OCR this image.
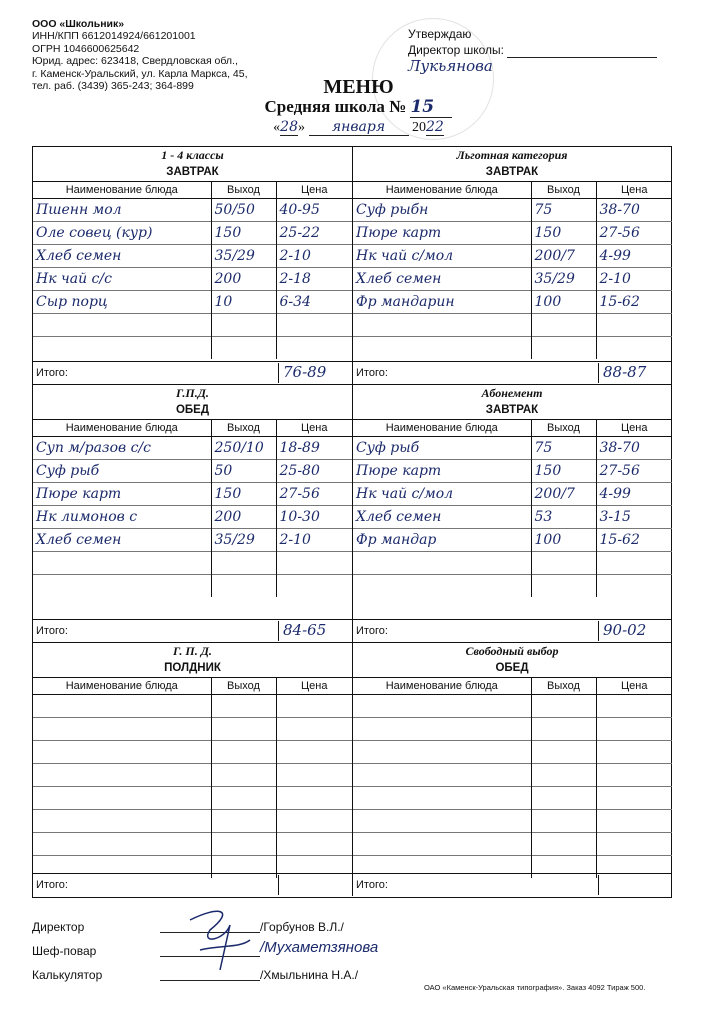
ООО «Школьник»
ИНН/КПП 6612014924/661201001
ОГРН 1046600625642
Юрид. адрес: 623418, Свердловская обл.,
г. Каменск-Уральский, ул. Карла Маркса, 45,
тел. раб. (3439) 365-243; 364-899
Утверждаю
Директор школы:  Лукьянова
МЕНЮ
Средняя школа № 15
«28» января 2022
1 - 4 классы
ЗАВТРАК
Наименование блюда	Выход	Цена
Пшенн мол	50/50	40-95
Оле совец (кур)	150	25-22
Хлеб семен	35/29	2-10
Нк чай с/с	200	2-18
Сыр порц	10	6-34

Итого:	76-89
Льготная категория
ЗАВТРАК
Наименование блюда	Выход	Цена
Суф рыбн	75	38-70
Пюре карт	150	27-56
Нк чай с/мол	200/7	4-99
Хлеб семен	35/29	2-10
Фр мандарин	100	15-62

Итого:	88-87
Г.П.Д.
ОБЕД
Наименование блюда	Выход	Цена
Суп м/разов с/с	250/10	18-89
Суф рыб	50	25-80
Пюре карт	150	27-56
Нк лимонов с	200	10-30
Хлеб семен	35/29	2-10

Итого:	84-65
Абонемент
ЗАВТРАК
Наименование блюда	Выход	Цена
Суф рыб	75	38-70
Пюре карт	150	27-56
Нк чай с/мол	200/7	4-99
Хлеб семен	53	3-15
Фр мандар	100	15-62

Итого:	90-02
Г. П. Д.
ПОЛДНИК
Наименование блюда	Выход	Цена

Итого:
Свободный выбор
ОБЕД
Наименование блюда	Выход	Цена

Итого:
Директор	/Горбунов В.Л./
Шеф-повар	/Мухаметзянова
Калькулятор	/Хмыльнина Н.А./
ОАО «Каменск-Уральская типография». Заказ 4092 Тираж 500.
